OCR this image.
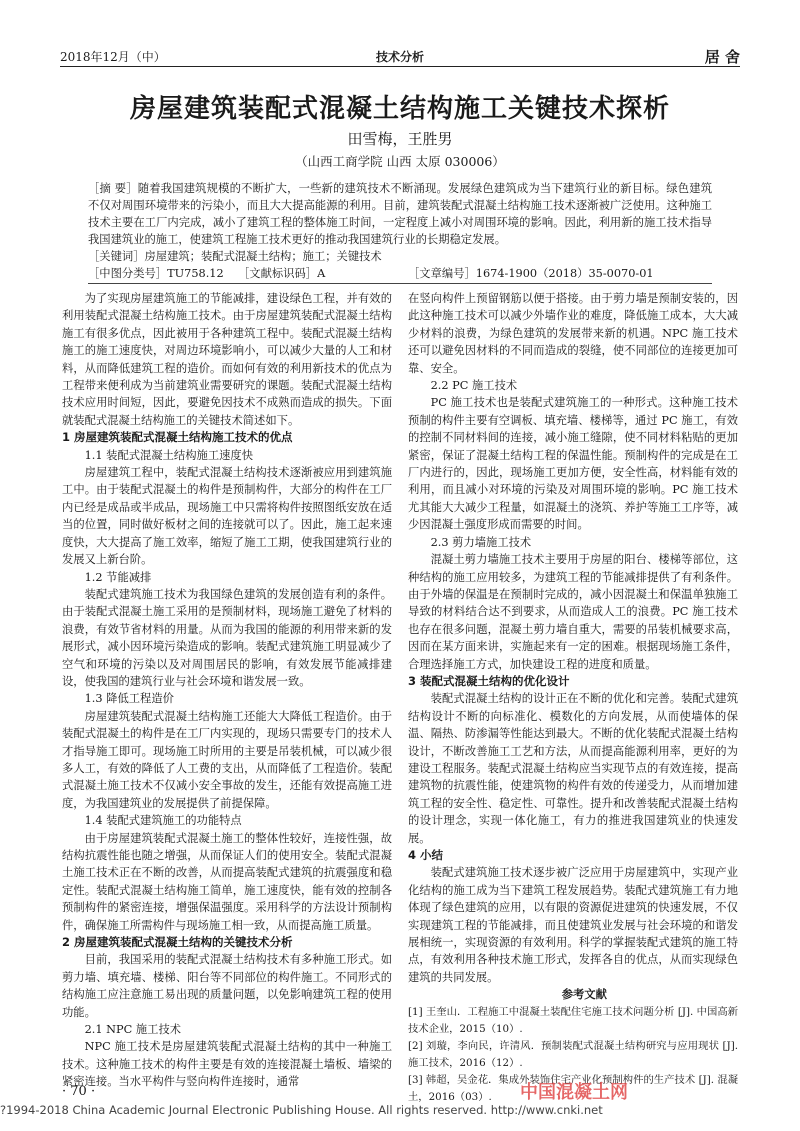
2018年12月（中）	技术分析	居 舍
房屋建筑装配式混凝土结构施工关键技术探析
田雪梅，王胜男
（山西工商学院 山西 太原 030006）

［摘 要］随着我国建筑规模的不断扩大，一些新的建筑技术不断涌现。发展绿色建筑成为当下建筑行业的新目标。绿色建筑不仅对周围环境带来的污染小，而且大大提高能源的利用。目前，建筑装配式混凝土结构施工技术逐渐被广泛使用。这种施工技术主要在工厂内完成，减小了建筑工程的整体施工时间，一定程度上减小对周围环境的影响。因此，利用新的施工技术指导我国建筑业的施工，使建筑工程施工技术更好的推动我国建筑行业的长期稳定发展。

［关键词］房屋建筑；装配式混凝土结构；施工；关键技术

［中图分类号］TU758.12	［文献标识码］A	［文章编号］1674-1900（2018）35-0070-01

为了实现房屋建筑施工的节能减排，建设绿色工程，并有效的利用装配式混凝土结构施工技术。由于房屋建筑装配式混凝土结构施工有很多优点，因此被用于各种建筑工程中。装配式混凝土结构施工的施工速度快，对周边环境影响小，可以减少大量的人工和材料，从而降低建筑工程的造价。而如何有效的利用新技术的优点为工程带来便利成为当前建筑业需要研究的课题。装配式混凝土结构技术应用时间短，因此，要避免因技术不成熟而造成的损失。下面就装配式混凝土结构施工的关键技术简述如下。

1 房屋建筑装配式混凝土结构施工技术的优点
1.1 装配式混凝土结构施工速度快

房屋建筑工程中，装配式混凝土结构技术逐渐被应用到建筑施工中。由于装配式混凝土的构件是预制构件，大部分的构件在工厂内已经是成品或半成品，现场施工中只需将构件按照图纸安放在适当的位置，同时做好板材之间的连接就可以了。因此，施工起来速度快，大大提高了施工效率，缩短了施工工期，使我国建筑行业的发展又上新台阶。

1.2 节能减排

装配式建筑施工技术为我国绿色建筑的发展创造有利的条件。由于装配式混凝土施工采用的是预制材料，现场施工避免了材料的浪费，有效节省材料的用量。从而为我国的能源的利用带来新的发展形式，减小因环境污染造成的影响。装配式建筑施工明显减少了空气和环境的污染以及对周围居民的影响，有效发展节能减排建设，使我国的建筑行业与社会环境和谐发展一致。

1.3 降低工程造价

房屋建筑装配式混凝土结构施工还能大大降低工程造价。由于装配式混凝土的构件是在工厂内实现的，现场只需要专门的技术人才指导施工即可。现场施工时所用的主要是吊装机械，可以减少很多人工，有效的降低了人工费的支出，从而降低了工程造价。装配式混凝土施工技术不仅减小安全事故的发生，还能有效提高施工进度，为我国建筑业的发展提供了前提保障。

1.4 装配式建筑施工的功能特点

由于房屋建筑装配式混凝土施工的整体性较好，连接性强，故结构抗震性能也随之增强，从而保证人们的使用安全。装配式混凝土施工技术正在不断的改善，从而提高装配式建筑的抗震强度和稳定性。装配式混凝土结构施工简单，施工速度快，能有效的控制各预制构件的紧密连接，增强保温强度。采用科学的方法设计预制构件，确保施工所需构件与现场施工相一致，从而提高施工质量。

2 房屋建筑装配式混凝土结构的关键技术分析

目前，我国采用的装配式混凝土结构技术有多种施工形式。如剪力墙、填充墙、楼梯、阳台等不同部位的构件施工。不同形式的结构施工应注意施工易出现的质量问题，以免影响建筑工程的使用功能。

2.1 NPC 施工技术

NPC 施工技术是房屋建筑装配式混凝土结构的其中一种施工技术。这种施工技术的构件主要是有效的连接混凝土墙板、墙梁的紧密连接。当水平构件与竖向构件连接时，通常

在竖向构件上预留钢筋以便于搭接。由于剪力墙是预制安装的，因此这种施工技术可以减少外墙作业的难度，降低施工成本，大大减少材料的浪费，为绿色建筑的发展带来新的机遇。NPC 施工技术还可以避免因材料的不同而造成的裂缝，使不同部位的连接更加可靠、安全。

2.2 PC 施工技术

PC 施工技术也是装配式建筑施工的一种形式。这种施工技术预制的构件主要有空调板、填充墙、楼梯等，通过 PC 施工，有效的控制不同材料间的连接，减小施工缝隙，使不同材料粘贴的更加紧密，保证了混凝土结构工程的保温性能。预制构件的完成是在工厂内进行的，因此，现场施工更加方便，安全性高，材料能有效的利用，而且减小对环境的污染及对周围环境的影响。PC 施工技术尤其能大大减少工程量，如混凝土的浇筑、养护等施工工序等，减少因混凝土强度形成而需要的时间。

2.3 剪力墙施工技术

混凝土剪力墙施工技术主要用于房屋的阳台、楼梯等部位，这种结构的施工应用较多，为建筑工程的节能减排提供了有利条件。由于外墙的保温是在预制时完成的，减小因混凝土和保温单独施工导致的材料结合达不到要求，从而造成人工的浪费。PC 施工技术也存在很多问题，混凝土剪力墙自重大，需要的吊装机械要求高，因而在某方面来讲，实施起来有一定的困难。根据现场施工条件，合理选择施工方式，加快建设工程的进度和质量。

3 装配式混凝土结构的优化设计

装配式混凝土结构的设计正在不断的优化和完善。装配式建筑结构设计不断的向标准化、模数化的方向发展，从而使墙体的保温、隔热、防渗漏等性能达到最大。不断的优化装配式混凝土结构设计，不断改善施工工艺和方法，从而提高能源利用率，更好的为建设工程服务。装配式混凝土结构应当实现节点的有效连接，提高建筑物的抗震性能，使建筑物的构件有效的传递受力，从而增加建筑工程的安全性、稳定性、可靠性。提升和改善装配式混凝土结构的设计理念，实现一体化施工，有力的推进我国建筑业的快速发展。

4 小结

装配式建筑施工技术逐步被广泛应用于房屋建筑中，实现产业化结构的施工成为当下建筑工程发展趋势。装配式建筑施工有力地体现了绿色建筑的应用，以有限的资源促进建筑的快速发展，不仅实现建筑工程的节能减排，而且使建筑业发展与社会环境的和谐发展相统一，实现资源的有效利用。科学的掌握装配式建筑的施工特点，有效利用各种技术施工形式，发挥各自的优点，从而实现绿色建筑的共同发展。

参考文献

[1] 王奎山．工程施工中混凝土装配住宅施工技术问题分析 [J]. 中国高新技术企业，2015（10）.

[2] 刘璇，李向民，许清风．预制装配式混凝土结构研究与应用现状 [J]. 施工技术，2016（12）.

[3] 韩超，吴金花．集成外装饰住宅产业化预制构件的生产技术 [J]. 混凝土，2016（03）.

· 70 ·	中国混凝土网
?1994-2018 China Academic Journal Electronic Publishing House. All rights reserved. http://www.cnki.net
